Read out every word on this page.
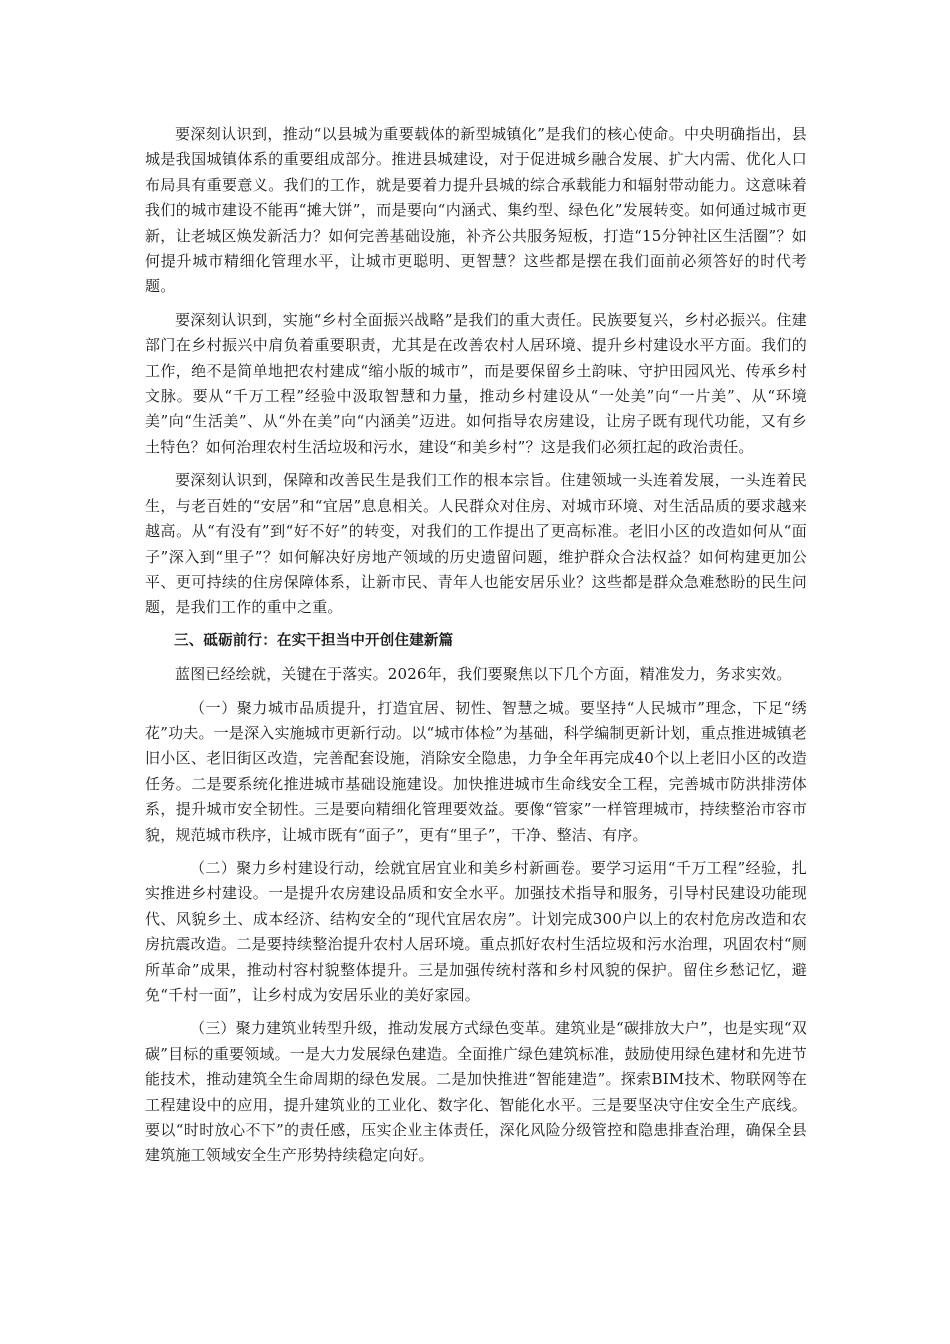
要深刻认识到，推动“以县城为重要载体的新型城镇化”是我们的核心使命。中央明确指出，县城是我国城镇体系的重要组成部分。推进县城建设，对于促进城乡融合发展、扩大内需、优化人口布局具有重要意义。我们的工作，就是要着力提升县城的综合承载能力和辐射带动能力。这意味着我们的城市建设不能再“摊大饼”，而是要向“内涵式、集约型、绿色化”发展转变。如何通过城市更新，让老城区焕发新活力？如何完善基础设施，补齐公共服务短板，打造“15分钟社区生活圈”？如何提升城市精细化管理水平，让城市更聪明、更智慧？这些都是摆在我们面前必须答好的时代考题。

要深刻认识到，实施“乡村全面振兴战略”是我们的重大责任。民族要复兴，乡村必振兴。住建部门在乡村振兴中肩负着重要职责，尤其是在改善农村人居环境、提升乡村建设水平方面。我们的工作，绝不是简单地把农村建成“缩小版的城市”，而是要保留乡土韵味、守护田园风光、传承乡村文脉。要从“千万工程”经验中汲取智慧和力量，推动乡村建设从“一处美”向“一片美”、从“环境美”向“生活美”、从“外在美”向“内涵美”迈进。如何指导农房建设，让房子既有现代功能，又有乡土特色？如何治理农村生活垃圾和污水，建设“和美乡村”？这是我们必须扛起的政治责任。

要深刻认识到，保障和改善民生是我们工作的根本宗旨。住建领域一头连着发展，一头连着民生，与老百姓的“安居”和“宜居”息息相关。人民群众对住房、对城市环境、对生活品质的要求越来越高。从“有没有”到“好不好”的转变，对我们的工作提出了更高标准。老旧小区的改造如何从“面子”深入到“里子”？如何解决好房地产领域的历史遗留问题，维护群众合法权益？如何构建更加公平、更可持续的住房保障体系，让新市民、青年人也能安居乐业？这些都是群众急难愁盼的民生问题，是我们工作的重中之重。

三、砥砺前行：在实干担当中开创住建新篇

蓝图已经绘就，关键在于落实。2026年，我们要聚焦以下几个方面，精准发力，务求实效。

（一）聚力城市品质提升，打造宜居、韧性、智慧之城。要坚持“人民城市”理念，下足“绣花”功夫。一是深入实施城市更新行动。以“城市体检”为基础，科学编制更新计划，重点推进城镇老旧小区、老旧街区改造，完善配套设施，消除安全隐患，力争全年再完成40个以上老旧小区的改造任务。二是要系统化推进城市基础设施建设。加快推进城市生命线安全工程，完善城市防洪排涝体系，提升城市安全韧性。三是要向精细化管理要效益。要像“管家”一样管理城市，持续整治市容市貌，规范城市秩序，让城市既有“面子”，更有“里子”，干净、整洁、有序。

（二）聚力乡村建设行动，绘就宜居宜业和美乡村新画卷。要学习运用“千万工程”经验，扎实推进乡村建设。一是提升农房建设品质和安全水平。加强技术指导和服务，引导村民建设功能现代、风貌乡土、成本经济、结构安全的“现代宜居农房”。计划完成300户以上的农村危房改造和农房抗震改造。二是要持续整治提升农村人居环境。重点抓好农村生活垃圾和污水治理，巩固农村“厕所革命”成果，推动村容村貌整体提升。三是加强传统村落和乡村风貌的保护。留住乡愁记忆，避免“千村一面”，让乡村成为安居乐业的美好家园。

（三）聚力建筑业转型升级，推动发展方式绿色变革。建筑业是“碳排放大户”，也是实现“双碳”目标的重要领域。一是大力发展绿色建造。全面推广绿色建筑标准，鼓励使用绿色建材和先进节能技术，推动建筑全生命周期的绿色发展。二是加快推进“智能建造”。探索BIM技术、物联网等在工程建设中的应用，提升建筑业的工业化、数字化、智能化水平。三是要坚决守住安全生产底线。要以“时时放心不下”的责任感，压实企业主体责任，深化风险分级管控和隐患排查治理，确保全县建筑施工领域安全生产形势持续稳定向好。
